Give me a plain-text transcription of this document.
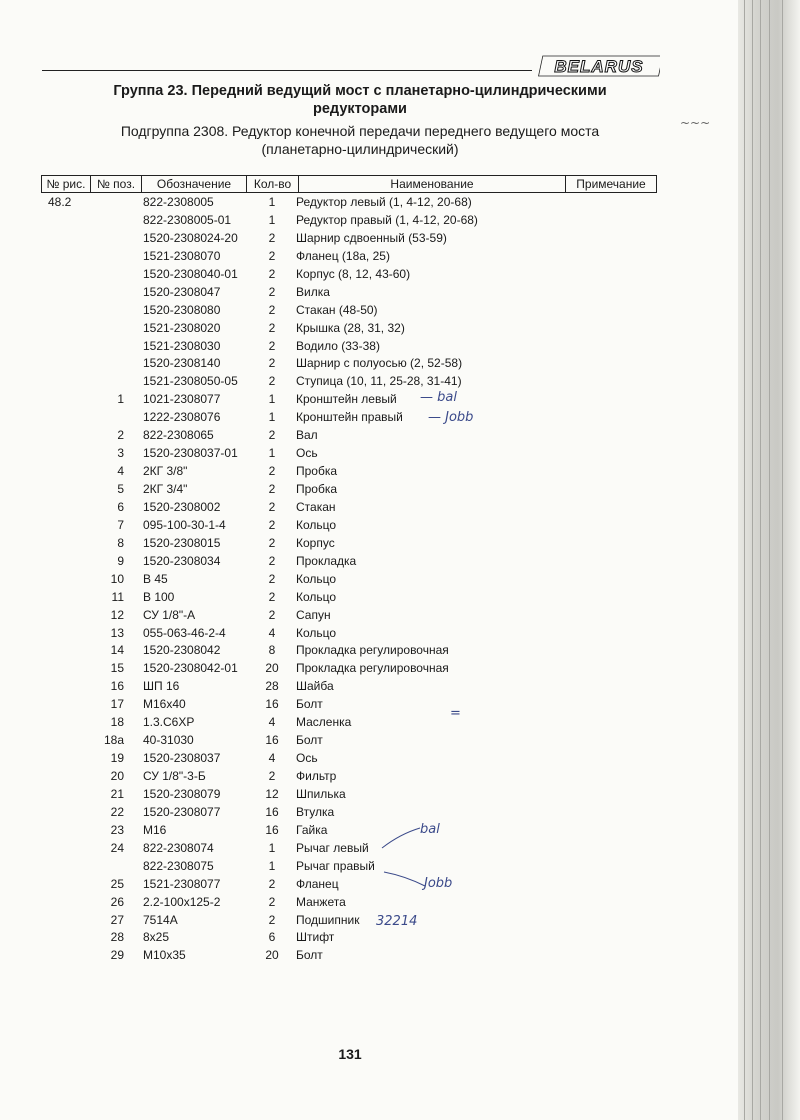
BELARUS
Группа 23. Передний ведущий мост с планетарно-цилиндрическими
редукторами
Подгруппа 2308. Редуктор конечной передачи переднего ведущего моста
(планетарно-цилиндрический)
~~~
№ рис. № поз.	Обозначение	Кол-во	Наименование	Примечание
48.2	822-2308005	1	Редуктор левый (1, 4-12, 20-68)
822-2308005-01	1	Редуктор правый (1, 4-12, 20-68)
1520-2308024-20	2	Шарнир сдвоенный (53-59)
1521-2308070	2	Фланец (18а, 25)
1520-2308040-01	2	Корпус (8, 12, 43-60)
1520-2308047	2	Вилка
1520-2308080	2	Стакан (48-50)
1521-2308020	2	Крышка (28, 31, 32)
1521-2308030	2	Водило (33-38)
1520-2308140	2	Шарнир с полуосью (2, 52-58)
1521-2308050-05	2	Ступица (10, 11, 25-28, 31-41)
1 1021-2308077	1	Кронштейн левый
1222-2308076	1	Кронштейн правый
2 822-2308065	2	Вал
3 1520-2308037-01	1	Ось
4 2КГ 3/8"	2	Пробка
5 2КГ 3/4"	2	Пробка
6 1520-2308002	2	Стакан
7 095-100-30-1-4	2	Кольцо
8 1520-2308015	2	Корпус
9 1520-2308034	2	Прокладка
10 В 45	2	Кольцо
11 В 100	2	Кольцо
12 СУ 1/8"-А	2	Сапун
13 055-063-46-2-4	4	Кольцо
14 1520-2308042	8	Прокладка регулировочная
15 1520-2308042-01	20	Прокладка регулировочная
16 ШП 16	28	Шайба
17 М16х40	16	Болт
18 1.3.С6ХР	4	Масленка
18а 40-31030	16	Болт
19 1520-2308037	4	Ось
20 СУ 1/8"-3-Б	2	Фильтр
21 1520-2308079	12	Шпилька
22 1520-2308077	16	Втулка
23 М16	16	Гайка
24 822-2308074	1	Рычаг левый
822-2308075	1	Рычаг правый
25 1521-2308077	2	Фланец
26 2.2-100х125-2	2	Манжета
27 7514А	2	Подшипник
28 8х25	6	Штифт
29 М10х35	20	Болт
— bal
— Jobb
bal
Jobb
32214
=
131
